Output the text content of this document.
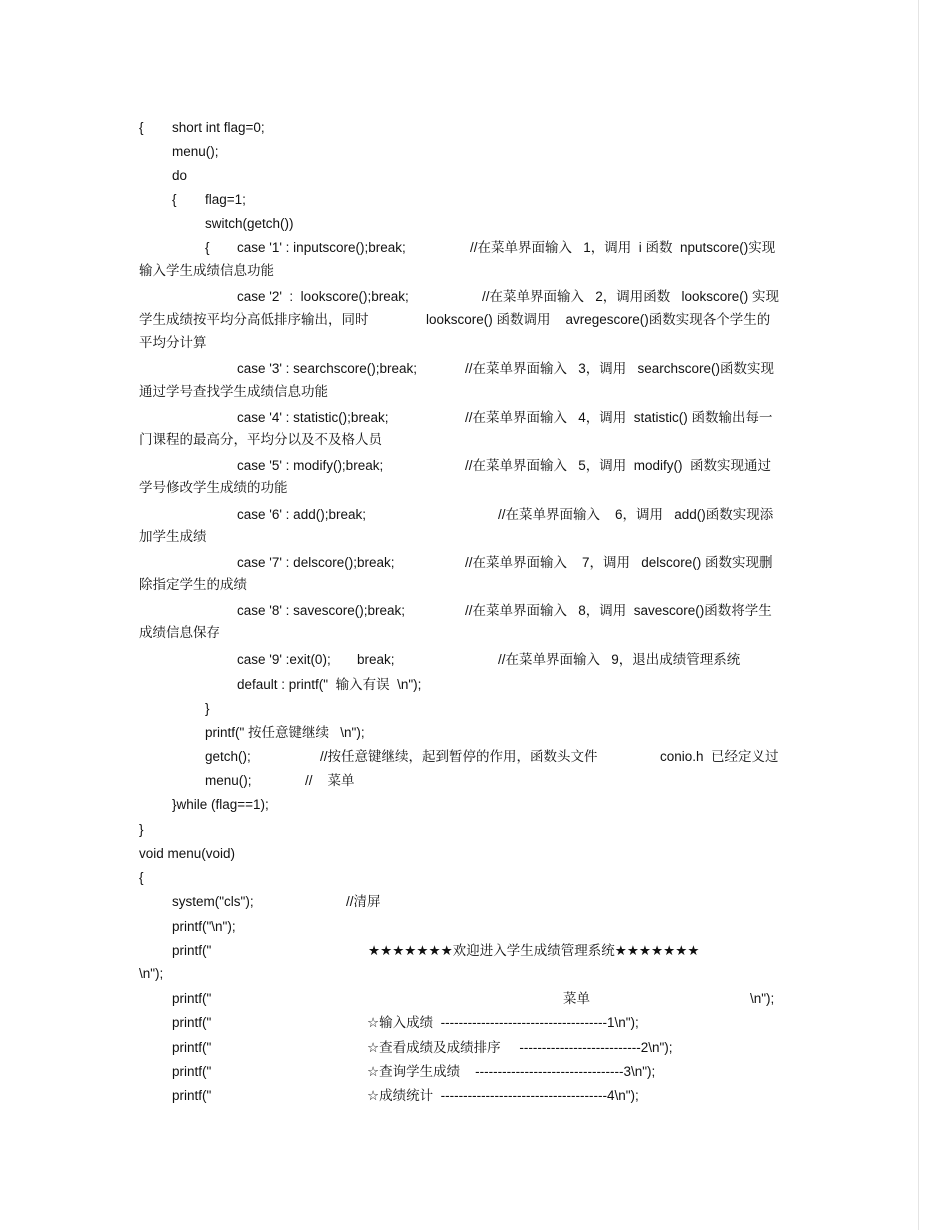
{ short int flag=0;
menu();
do
{ flag=1;
switch(getch())
{ case '1' : inputscore();break;	//在菜单界面输入   1，调用  i 函数  nputscore()实现
输入学生成绩信息功能
case '2'  :  lookscore();break;	//在菜单界面输入   2，调用函数   lookscore() 实现
学生成绩按平均分高低排序输出，同时	lookscore() 函数调用    avregescore()函数实现各个学生的
平均分计算
case '3' : searchscore();break;	//在菜单界面输入   3，调用   searchscore()函数实现
通过学号查找学生成绩信息功能
case '4' : statistic();break;	//在菜单界面输入   4，调用  statistic() 函数输出每一
门课程的最高分，平均分以及不及格人员
case '5' : modify();break;	//在菜单界面输入   5，调用  modify()  函数实现通过
学号修改学生成绩的功能
case '6' : add();break;	//在菜单界面输入    6，调用   add()函数实现添
加学生成绩
case '7' : delscore();break;	//在菜单界面输入    7，调用   delscore() 函数实现删
除指定学生的成绩
case '8' : savescore();break;	//在菜单界面输入   8，调用  savescore()函数将学生
成绩信息保存
case '9' :exit(0);       break;	//在菜单界面输入   9，退出成绩管理系统
default : printf("  输入有误  \n");
}
printf(" 按任意键继续   \n");
getch();	//按任意键继续，起到暂停的作用，函数头文件	conio.h  已经定义过
menu();	//    菜单
}while (flag==1);
}
void menu(void)
{
system("cls");	//清屏
printf("\n");
printf("	★★★★★★★欢迎进入学生成绩管理系统★★★★★★★
\n");
printf("	菜单	\n");
printf("	☆输入成绩  -------------------------------------1\n");
printf("	☆查看成绩及成绩排序     ---------------------------2\n");
printf("	☆查询学生成绩    ---------------------------------3\n");
printf("	☆成绩统计  -------------------------------------4\n");
